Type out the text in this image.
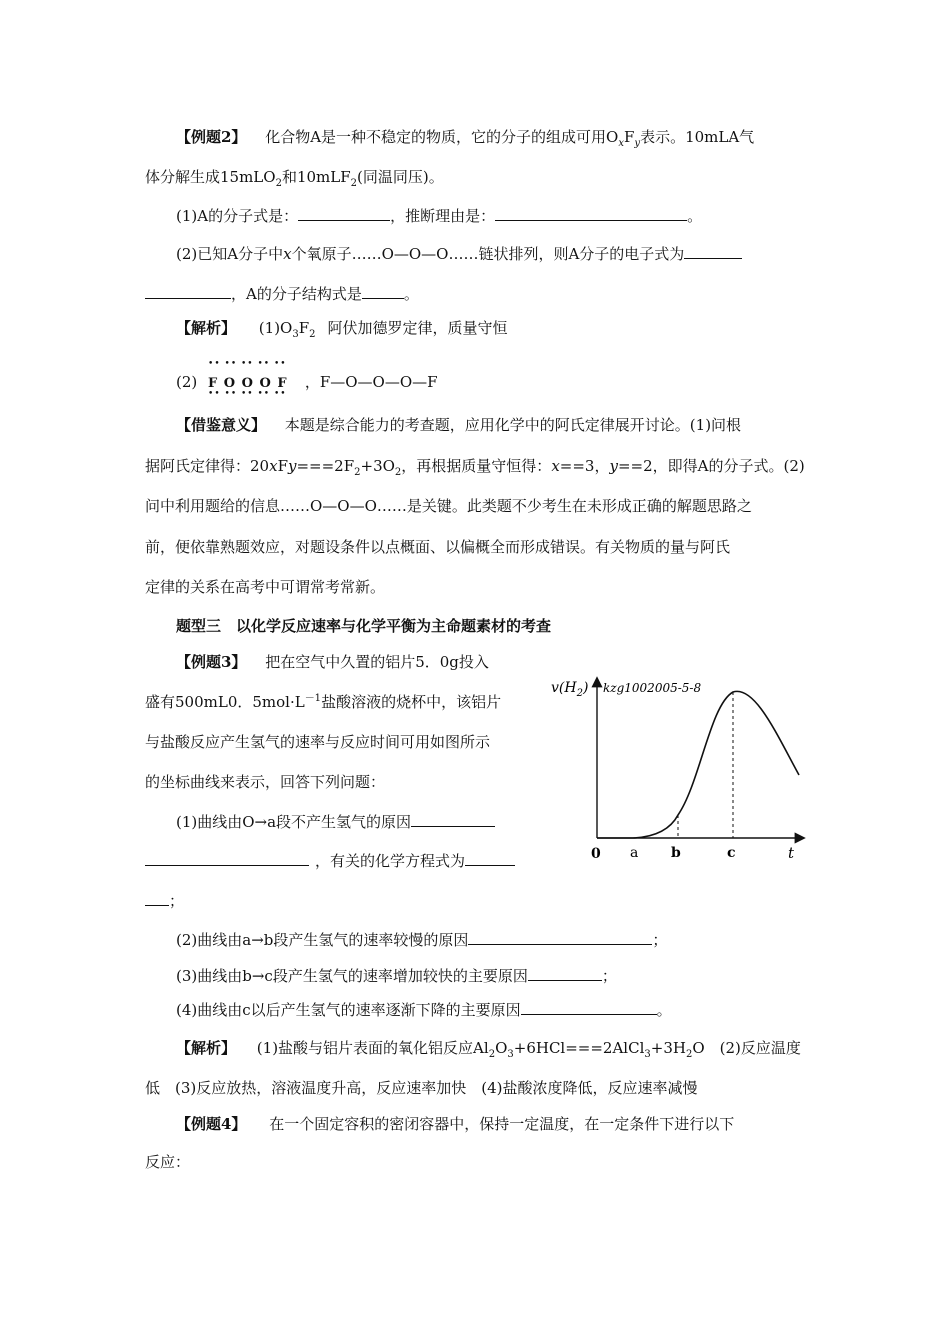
【例题2】 化合物A是一种不稳定的物质，它的分子的组成可用$O_xF_y$表示。10mLA气
体分解生成15mLO$_2$和10mLF$_2$(同温同压)。
(1)A的分子式是：	，推断理由是：	。
(2)已知A分子中x个氧原子……O—O—O……链状排列，则A分子的电子式为
，A的分子结构式是	。
【解析】 $(1)O_3F_2$ 阿伏加德罗定律，质量守恒
(2)
•• •• •• •• ••
F O O O F
•• •• •• •• ••
，F—O—O—O—F
【借鉴意义】 本题是综合能力的考查题，应用化学中的阿氏定律展开讨论。(1)问根
据阿氏定律得：$20xFy===2F_2+3O_2$，再根据质量守恒得：x==3，y==2，即得A的分子式。(2)
问中利用题给的信息……O—O—O……是关键。此类题不少考生在未形成正确的解题思路之
前，便依靠熟题效应，对题设条件以点概面、以偏概全而形成错误。有关物质的量与阿氏
定律的关系在高考中可谓常考常新。
题型三　以化学反应速率与化学平衡为主命题素材的考查
【例题3】 把在空气中久置的铝片5．0g投入
盛有500mL0．$5mol\cdot L^{-1}$盐酸溶液的烧杯中，该铝片
与盐酸反应产生氢气的速率与反应时间可用如图所示
的坐标曲线来表示，回答下列问题：
(1)曲线由O→a段不产生氢气的原因
，有关的化学方程式为
；
(2)曲线由a→b段产生氢气的速率较慢的原因	；
(3)曲线由b→c段产生氢气的速率增加较快的主要原因	；
(4)曲线由c以后产生氢气的速率逐渐下降的主要原因	。
【解析】 (1)盐酸与铝片表面的氧化铝反应$Al_2O_3+6HCl===2AlCl_3+3H_2O$　(2)反应温度
低　(3)反应放热，溶液温度升高，反应速率加快　(4)盐酸浓度降低，反应速率减慢
【例题4】 在一个固定容积的密闭容器中，保持一定温度，在一定条件下进行以下
反应：
$v(H_2)$ kzg1002005-5-8
0 a b	c	t
